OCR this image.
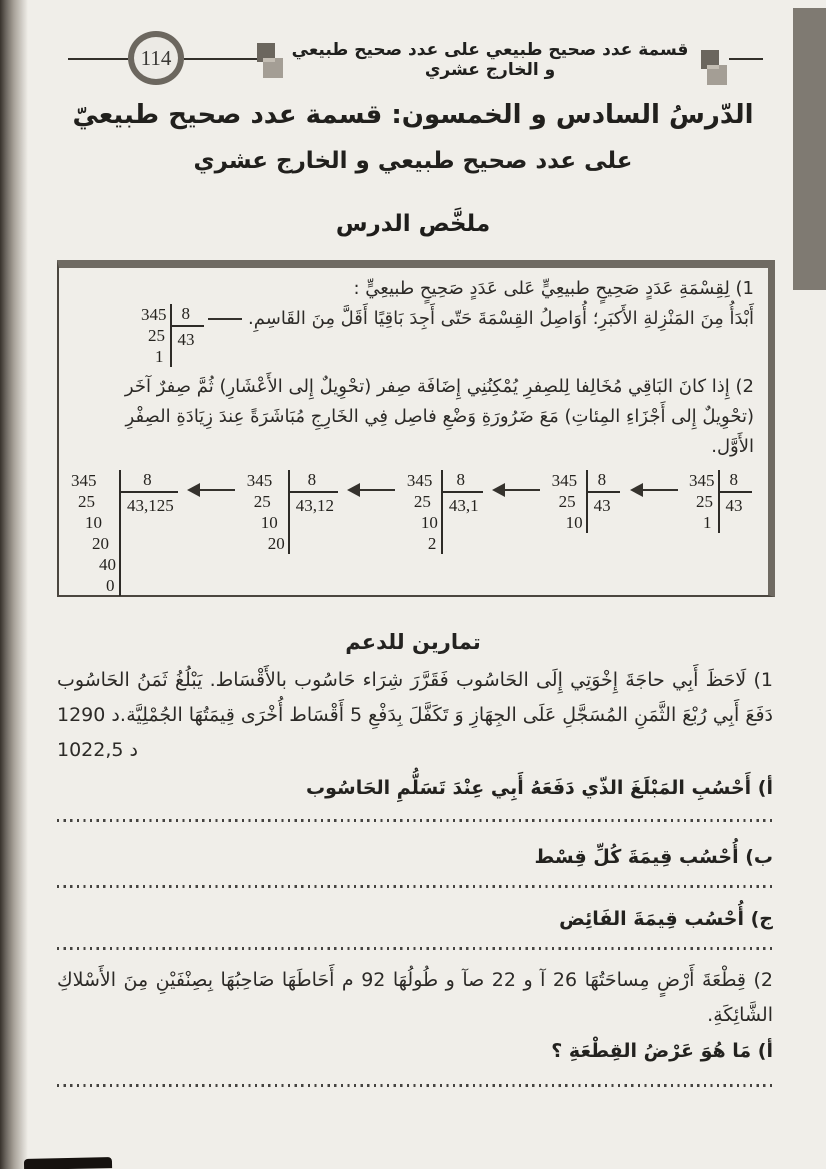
114	قسمة عدد صحيح طبيعي على عدد صحيح طبيعي و الخارج عشري
الدّرسُ السادس و الخمسون: قسمة عدد صحيح طبيعيّ
على عدد صحيح طبيعي و الخارج عشري
ملخَّص الدرس
1) لِقِسْمَةِ عَدَدٍ صَحِيحٍ طبيعِيٍّ عَلى عَدَدٍ صَحِيحٍ طبيعِيٍّ :
أَبْدَأُ مِنَ المَنْزِلةِ الأَكبَرِ؛ أُوَاصِلُ القِسْمَةَ حَتّى أَجِدَ بَاقِيًا أَقَلَّ مِنَ القَاسِمِ.
345
25
1
8
43
2) إِذا كانَ البَاقِي مُخَالِفا لِلصِفرِ يُمْكِنُنِي إِضَافَة صِفر (تحْوِيلٌ إِلى الأَعْشَارِ) ثُمَّ صِفرٌ آخَر
(تحْوِيلٌ إِلى أَجْزَاءِ المِئاتِ) مَعَ ضَرُورَةِ وَضْعِ فاصِل فِي الخَارِجِ مُبَاشَرَةً عِندَ زِيَادَةِ الصِفْرِ
الأَوَّل.
345
25
10
20
40
0
8
43,125
345
25
10
20
8
43,12
345
25
10
2
8
43,1
345
25
10
8
43
345
25
1
8
43
تمارين للدعم
1) لَاحَظَ أَبِي حاجَةَ إِخْوَتِي إِلَى الحَاسُوب فَقَرَّرَ شِرَاء حَاسُوب بالأَقْسَاط. يَبْلُغُ ثَمَنُ الحَاسُوب
دَفَعَ أَبِي رُبْعَ الثَّمَنِ المُسَجَّلِ عَلَى الجِهَازِ وَ تَكَفَّلَ بِدَفْعِ 5 أَقْسَاط أُخْرَى قِيمَتُهَا الجُمْلِيَّة
1290 د.
1022,5 د
أ) أَحْسُبِ المَبْلَغَ الذّي دَفَعَهُ أَبِي عِنْدَ تَسَلُّمِ الحَاسُوب
ب) أُحْسُب قِيمَةَ كُلِّ قِسْط
ج) أُحْسُب قِيمَةَ الفَائِض
2) قِطْعَةَ أَرْضٍ مِساحَتُهَا 26 آ و 22 صآ و طُولُهَا 92 م أَحَاطَهَا صَاحِبُهَا بِصِنْفَيْنِ مِنَ الأَسْلاكِ
الشَّائِكَةِ.
أ) مَا هُوَ عَرْضُ القِطْعَةِ ؟
